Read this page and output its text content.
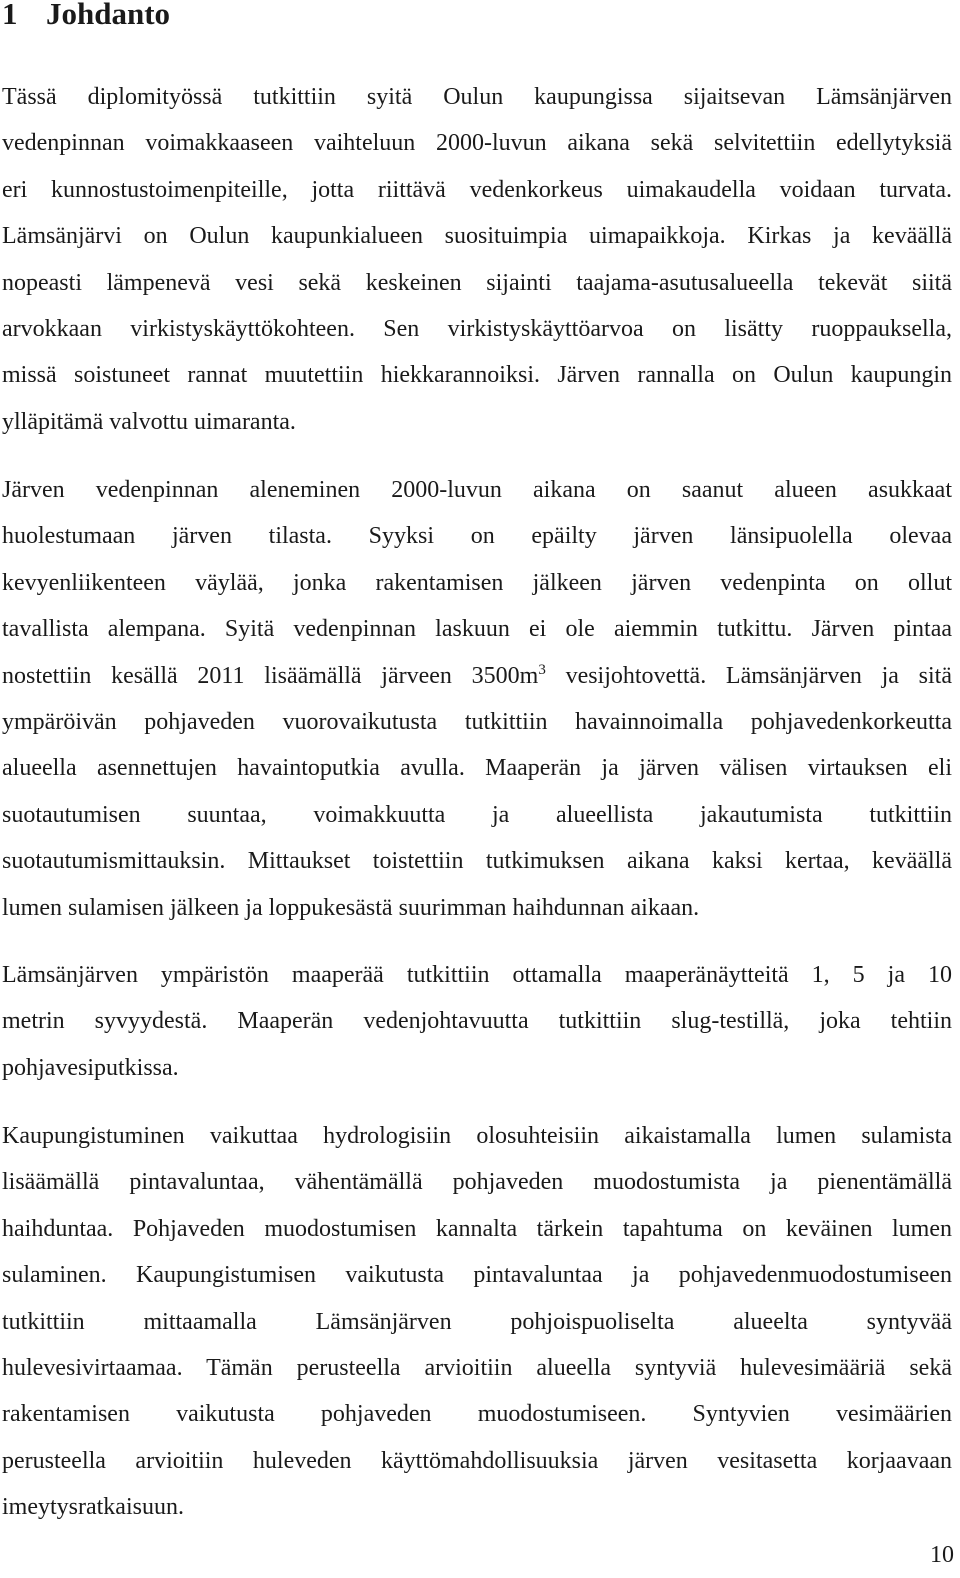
1 Johdanto
Tässä diplomityössä tutkittiin syitä Oulun kaupungissa sijaitsevan Lämsänjärven
vedenpinnan voimakkaaseen vaihteluun 2000-luvun aikana sekä selvitettiin edellytyksiä
eri kunnostustoimenpiteille, jotta riittävä vedenkorkeus uimakaudella voidaan turvata.
Lämsänjärvi on Oulun kaupunkialueen suosituimpia uimapaikkoja. Kirkas ja keväällä
nopeasti lämpenevä vesi sekä keskeinen sijainti taajama-asutusalueella tekevät siitä
arvokkaan virkistyskäyttökohteen. Sen virkistyskäyttöarvoa on lisätty ruoppauksella,
missä soistuneet rannat muutettiin hiekkarannoiksi. Järven rannalla on Oulun kaupungin
ylläpitämä valvottu uimaranta.
Järven vedenpinnan aleneminen 2000-luvun aikana on saanut alueen asukkaat
huolestumaan järven tilasta. Syyksi on epäilty järven länsipuolella olevaa
kevyenliikenteen väylää, jonka rakentamisen jälkeen järven vedenpinta on ollut
tavallista alempana. Syitä vedenpinnan laskuun ei ole aiemmin tutkittu. Järven pintaa
nostettiin kesällä 2011 lisäämällä järveen $3500m^3$ vesijohtovettä. Lämsänjärven ja sitä
ympäröivän pohjaveden vuorovaikutusta tutkittiin havainnoimalla pohjavedenkorkeutta
alueella asennettujen havaintoputkia avulla. Maaperän ja järven välisen virtauksen eli
suotautumisen suuntaa, voimakkuutta ja alueellista jakautumista tutkittiin
suotautumismittauksin. Mittaukset toistettiin tutkimuksen aikana kaksi kertaa, keväällä
lumen sulamisen jälkeen ja loppukesästä suurimman haihdunnan aikaan.
Lämsänjärven ympäristön maaperää tutkittiin ottamalla maaperänäytteitä 1, 5 ja 10
metrin syvyydestä. Maaperän vedenjohtavuutta tutkittiin slug-testillä, joka tehtiin
pohjavesiputkissa.
Kaupungistuminen vaikuttaa hydrologisiin olosuhteisiin aikaistamalla lumen sulamista
lisäämällä pintavaluntaa, vähentämällä pohjaveden muodostumista ja pienentämällä
haihduntaa. Pohjaveden muodostumisen kannalta tärkein tapahtuma on keväinen lumen
sulaminen. Kaupungistumisen vaikutusta pintavaluntaa ja pohjavedenmuodostumiseen
tutkittiin mittaamalla Lämsänjärven pohjoispuoliselta alueelta syntyvää
hulevesivirtaamaa. Tämän perusteella arvioitiin alueella syntyviä hulevesimääriä sekä
rakentamisen vaikutusta pohjaveden muodostumiseen. Syntyvien vesimäärien
perusteella arvioitiin huleveden käyttömahdollisuuksia järven vesitasetta korjaavaan
imeytysratkaisuun.
10
